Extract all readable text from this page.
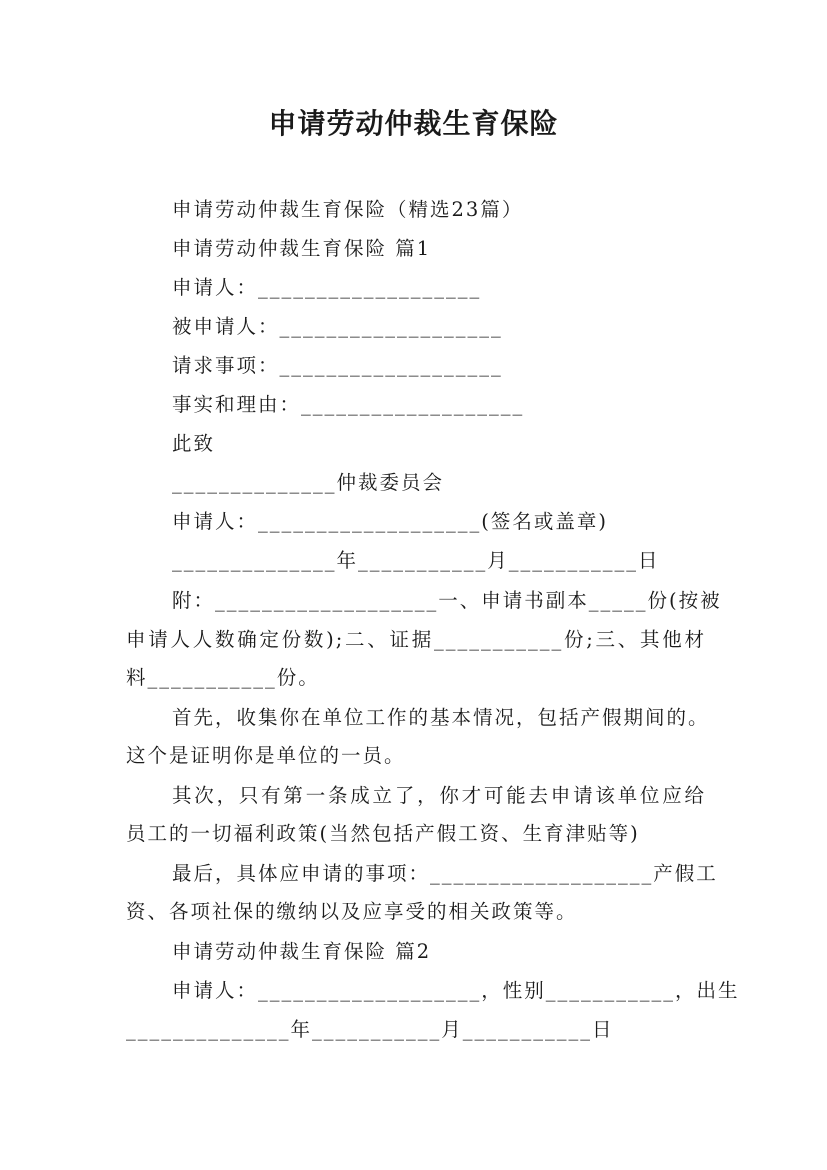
申请劳动仲裁生育保险
申请劳动仲裁生育保险（精选23篇）
申请劳动仲裁生育保险 篇1
申请人：___________________
被申请人：___________________
请求事项：___________________
事实和理由：___________________
此致
______________仲裁委员会
申请人：___________________(签名或盖章)
______________年___________月___________日
附：___________________一、申请书副本_____份(按被
申请人人数确定份数);二、证据___________份;三、其他材
料___________份。
首先，收集你在单位工作的基本情况，包括产假期间的。
这个是证明你是单位的一员。
其次，只有第一条成立了，你才可能去申请该单位应给
员工的一切福利政策(当然包括产假工资、生育津贴等)
最后，具体应申请的事项：___________________产假工
资、各项社保的缴纳以及应享受的相关政策等。
申请劳动仲裁生育保险 篇2
申请人：___________________，性别___________，出生
______________年___________月___________日
